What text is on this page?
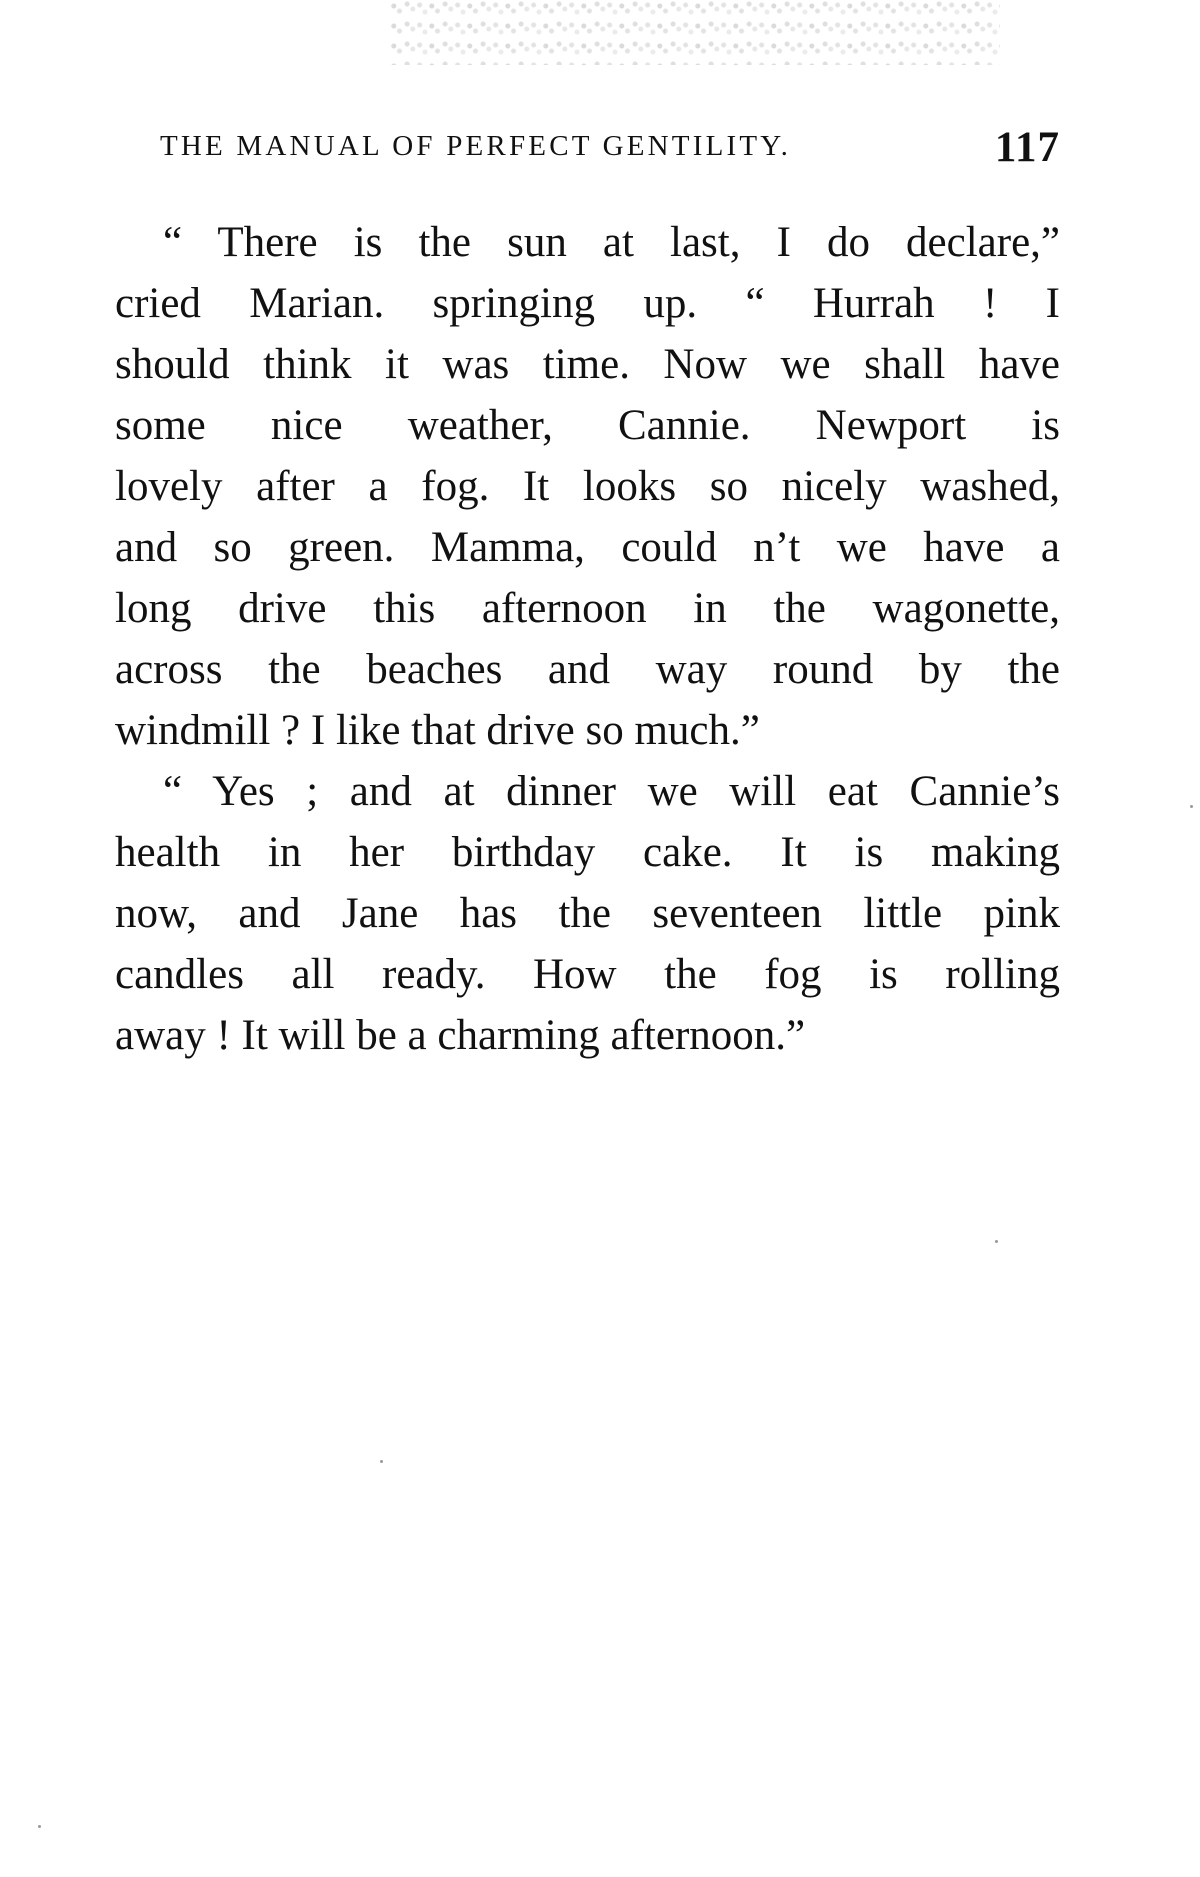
THE MANUAL OF PERFECT GENTILITY.	117
“ There is the sun at last, I do declare,”
cried Marian. springing up. “ Hurrah ! I
should think it was time. Now we shall have
some nice weather, Cannie. Newport is
lovely after a fog. It looks so nicely washed,
and so green. Mamma, could n’t we have a
long drive this afternoon in the wagonette,
across the beaches and way round by the
windmill ? I like that drive so much.”
“ Yes ; and at dinner we will eat Cannie’s
health in her birthday cake. It is making
now, and Jane has the seventeen little pink
candles all ready. How the fog is rolling
away ! It will be a charming afternoon.”
